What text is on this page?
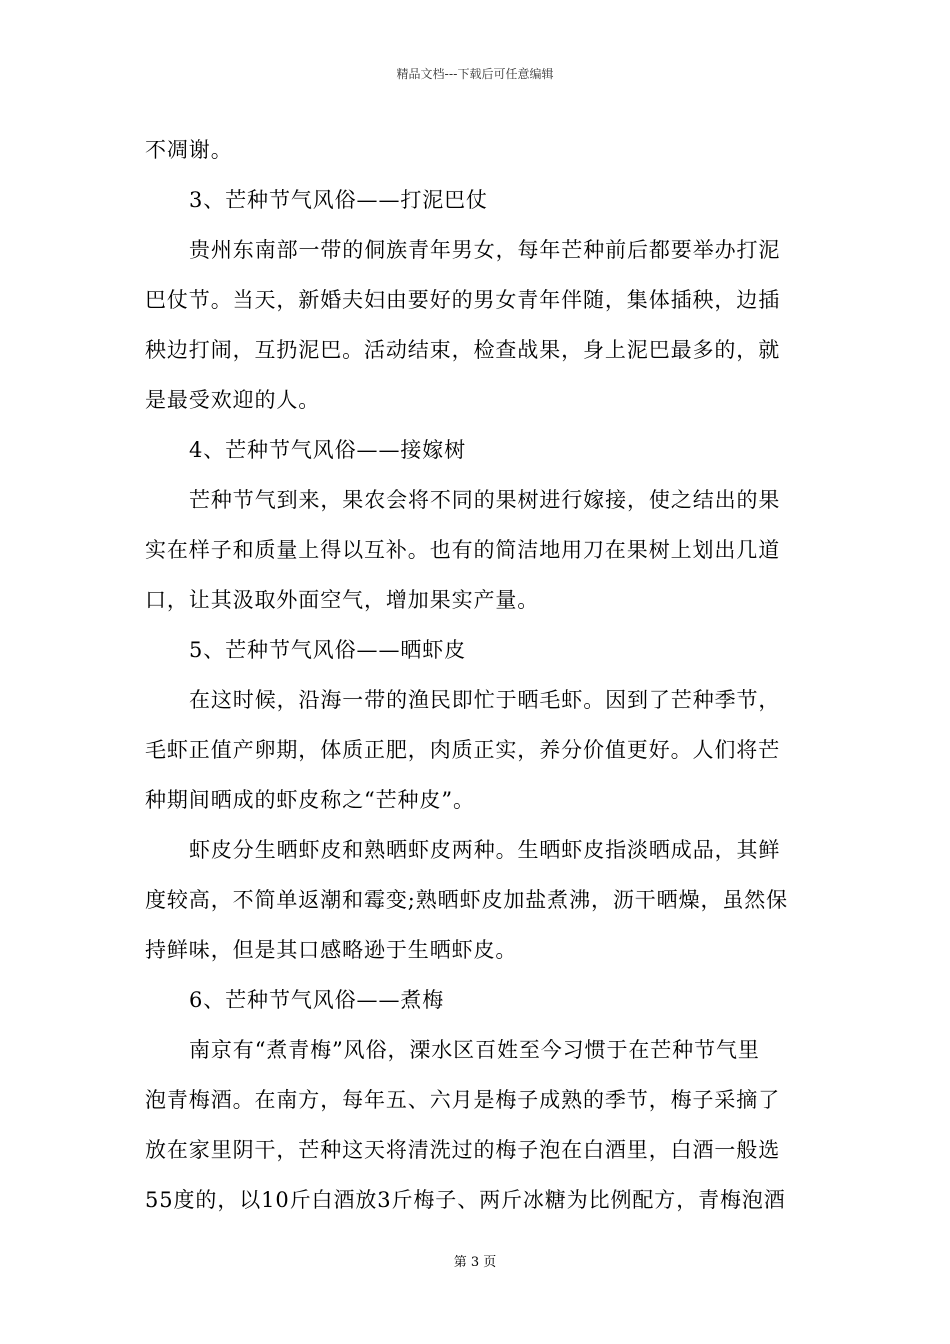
精品文档---下载后可任意编辑
不凋谢。
3、芒种节气风俗——打泥巴仗
贵州东南部一带的侗族青年男女，每年芒种前后都要举办打泥
巴仗节。当天，新婚夫妇由要好的男女青年伴随，集体插秧，边插
秧边打闹，互扔泥巴。活动结束，检查战果，身上泥巴最多的，就
是最受欢迎的人。
4、芒种节气风俗——接嫁树
芒种节气到来，果农会将不同的果树进行嫁接，使之结出的果
实在样子和质量上得以互补。也有的简洁地用刀在果树上划出几道
口，让其汲取外面空气，增加果实产量。
5、芒种节气风俗——晒虾皮
在这时候，沿海一带的渔民即忙于晒毛虾。因到了芒种季节，
毛虾正值产卵期，体质正肥，肉质正实，养分价值更好。人们将芒
种期间晒成的虾皮称之“芒种皮”。
虾皮分生晒虾皮和熟晒虾皮两种。生晒虾皮指淡晒成品，其鲜
度较高，不简单返潮和霉变;熟晒虾皮加盐煮沸，沥干晒燥，虽然保
持鲜味，但是其口感略逊于生晒虾皮。
6、芒种节气风俗——煮梅
南京有“煮青梅”风俗，溧水区百姓至今习惯于在芒种节气里
泡青梅酒。在南方，每年五、六月是梅子成熟的季节，梅子采摘了
放在家里阴干，芒种这天将清洗过的梅子泡在白酒里，白酒一般选
55度的，以10斤白酒放3斤梅子、两斤冰糖为比例配方，青梅泡酒
第 3 页
